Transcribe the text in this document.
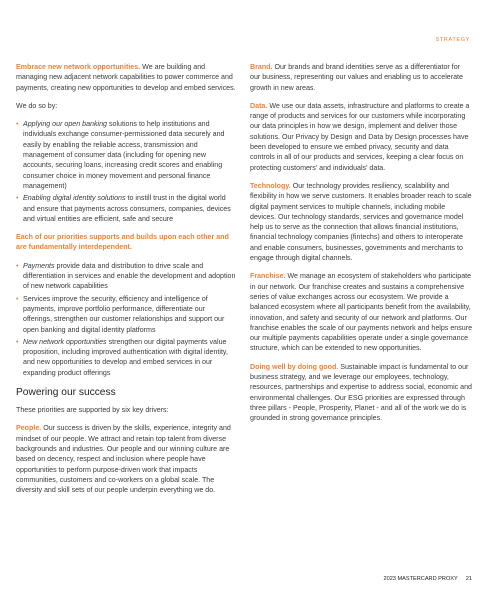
STRATEGY

Embrace new network opportunities. We are building and managing new adjacent network capabilities to power commerce and payments, creating new opportunities to develop and embed services.

We do so by:

• Applying our open banking solutions to help institutions and individuals exchange consumer-permissioned data securely and easily by enabling the reliable access, transmission and management of consumer data (including for opening new accounts, securing loans, increasing credit scores and enabling consumer choice in money movement and personal finance management)
• Enabling digital identity solutions to instill trust in the digital world and ensure that payments across consumers, companies, devices and virtual entities are efficient, safe and secure

Each of our priorities supports and builds upon each other and are fundamentally interdependent.

• Payments provide data and distribution to drive scale and differentiation in services and enable the development and adoption of new network capabilities
• Services improve the security, efficiency and intelligence of payments, improve portfolio performance, differentiate our offerings, strengthen our customer relationships and support our open banking and digital identity platforms
• New network opportunities strengthen our digital payments value proposition, including improved authentication with digital identity, and new opportunities to develop and embed services in our expanding product offerings
Powering our success

These priorities are supported by six key drivers:

People. Our success is driven by the skills, experience, integrity and mindset of our people. We attract and retain top talent from diverse backgrounds and industries. Our people and our winning culture are based on decency, respect and inclusion where people have opportunities to perform purpose-driven work that impacts communities, customers and co-workers on a global scale. The diversity and skill sets of our people underpin everything we do.

Brand. Our brands and brand identities serve as a differentiator for our business, representing our values and enabling us to accelerate growth in new areas.

Data. We use our data assets, infrastructure and platforms to create a range of products and services for our customers while incorporating our data principles in how we design, implement and deliver those solutions. Our Privacy by Design and Data by Design processes have been developed to ensure we embed privacy, security and data controls in all of our products and services, keeping a clear focus on protecting customers' and individuals' data.

Technology. Our technology provides resiliency, scalability and flexibility in how we serve customers. It enables broader reach to scale digital payment services to multiple channels, including mobile devices. Our technology standards, services and governance model help us to serve as the connection that allows financial institutions, financial technology companies (fintechs) and others to interoperate and enable consumers, businesses, governments and merchants to engage through digital channels.

Franchise. We manage an ecosystem of stakeholders who participate in our network. Our franchise creates and sustains a comprehensive series of value exchanges across our ecosystem. We provide a balanced ecosystem where all participants benefit from the availability, innovation, and safety and security of our network and platforms. Our franchise enables the scale of our payments network and helps ensure our multiple payments capabilities operate under a single governance structure, which can be extended to new opportunities.

Doing well by doing good. Sustainable impact is fundamental to our business strategy, and we leverage our employees, technology, resources, partnerships and expertise to address social, economic and environmental challenges. Our ESG priorities are expressed through three pillars - People, Prosperity, Planet - and all of the work we do is grounded in strong governance principles.

2023 MASTERCARD PROXY 21
